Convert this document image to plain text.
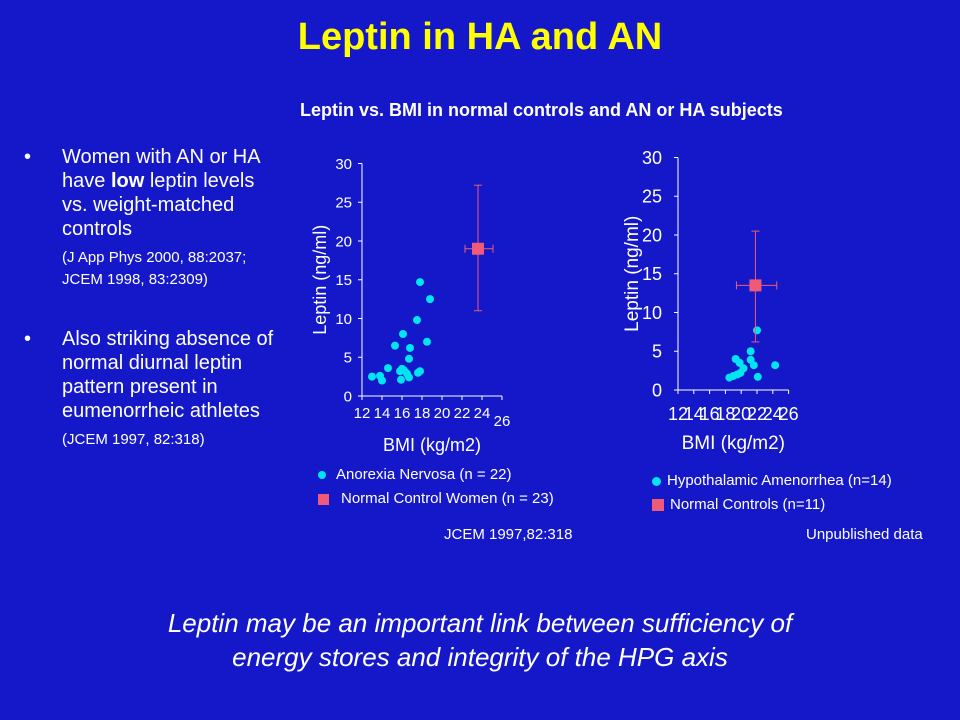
Leptin in HA and AN
Leptin vs. BMI in normal controls and AN or HA subjects
• Women with AN or HA have low leptin levels vs. weight-matched controls
(J App Phys 2000, 88:2037; JCEM 1998, 83:2309)
• Also striking absence of normal diurnal leptin pattern present in eumenorrheic athletes
(JCEM 1997, 82:318)
0
5
10
15
20
25
30
12 14 16 18 20 22 24 26
BMI (kg/m2)
Leptin (ng/ml)
0
5
10
15
20
25
30
12
14
16
18
20
22
24
26
BMI (kg/m2)
Leptin (ng/ml)
Anorexia Nervosa (n = 22)
Normal Control Women (n = 23)
JCEM 1997,82:318
Hypothalamic Amenorrhea (n=14)
Normal Controls (n=11)
Unpublished data
Leptin may be an important link between sufficiency of
energy stores and integrity of the HPG axis
